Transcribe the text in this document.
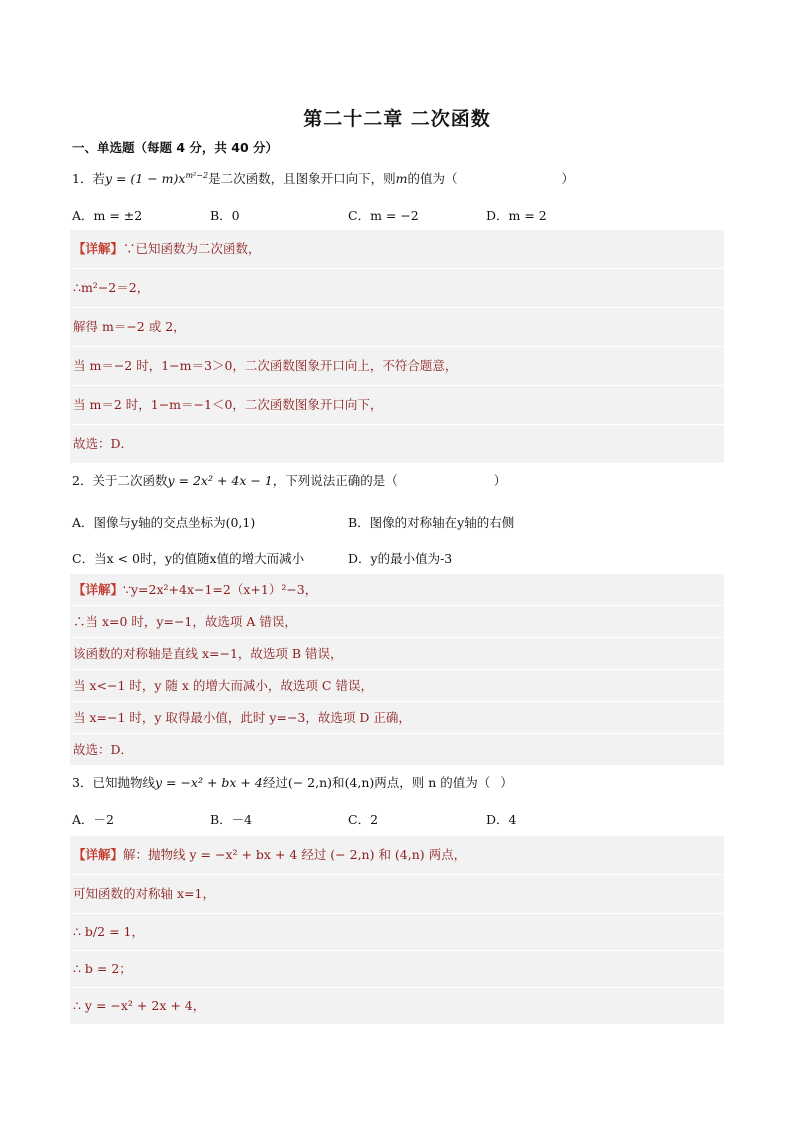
第二十二章 二次函数
一、单选题（每题 4 分，共 40 分）
1．若$y = (1 - m)x^{m^2-2}$是二次函数，且图象开口向下，则m的值为（	）
A．m = ±2	B．0	C．m = −2	D．m = 2
【详解】∵已知函数为二次函数，
∴m²−2＝2，
解得 m＝−2 或 2，
当 m＝−2 时，1−m＝3＞0，二次函数图象开口向上，不符合题意，
当 m＝2 时，1−m＝−1＜0，二次函数图象开口向下，
故选：D．
2．关于二次函数y = 2x² + 4x − 1，下列说法正确的是（	）
A．图像与y轴的交点坐标为(0,1)	B．图像的对称轴在y轴的右侧
C．当x < 0时，y的值随x值的增大而减小	D．y的最小值为-3
【详解】∵y=2x²+4x−1=2（x+1）²−3，
∴当 x=0 时，y=−1，故选项 A 错误，
该函数的对称轴是直线 x=−1，故选项 B 错误，
当 x<−1 时，y 随 x 的增大而减小，故选项 C 错误，
当 x=−1 时，y 取得最小值，此时 y=−3，故选项 D 正确，
故选：D．
3．已知抛物线y = −x² + bx + 4经过(− 2,n)和(4,n)两点，则 n 的值为（ ）
A．－2	B．－4	C．2	D．4
【详解】解：抛物线 y = −x² + bx + 4 经过 (− 2,n) 和 (4,n) 两点，
可知函数的对称轴 x=1，
∴ b/2 = 1，
∴ b = 2；
∴ y = −x² + 2x + 4，
